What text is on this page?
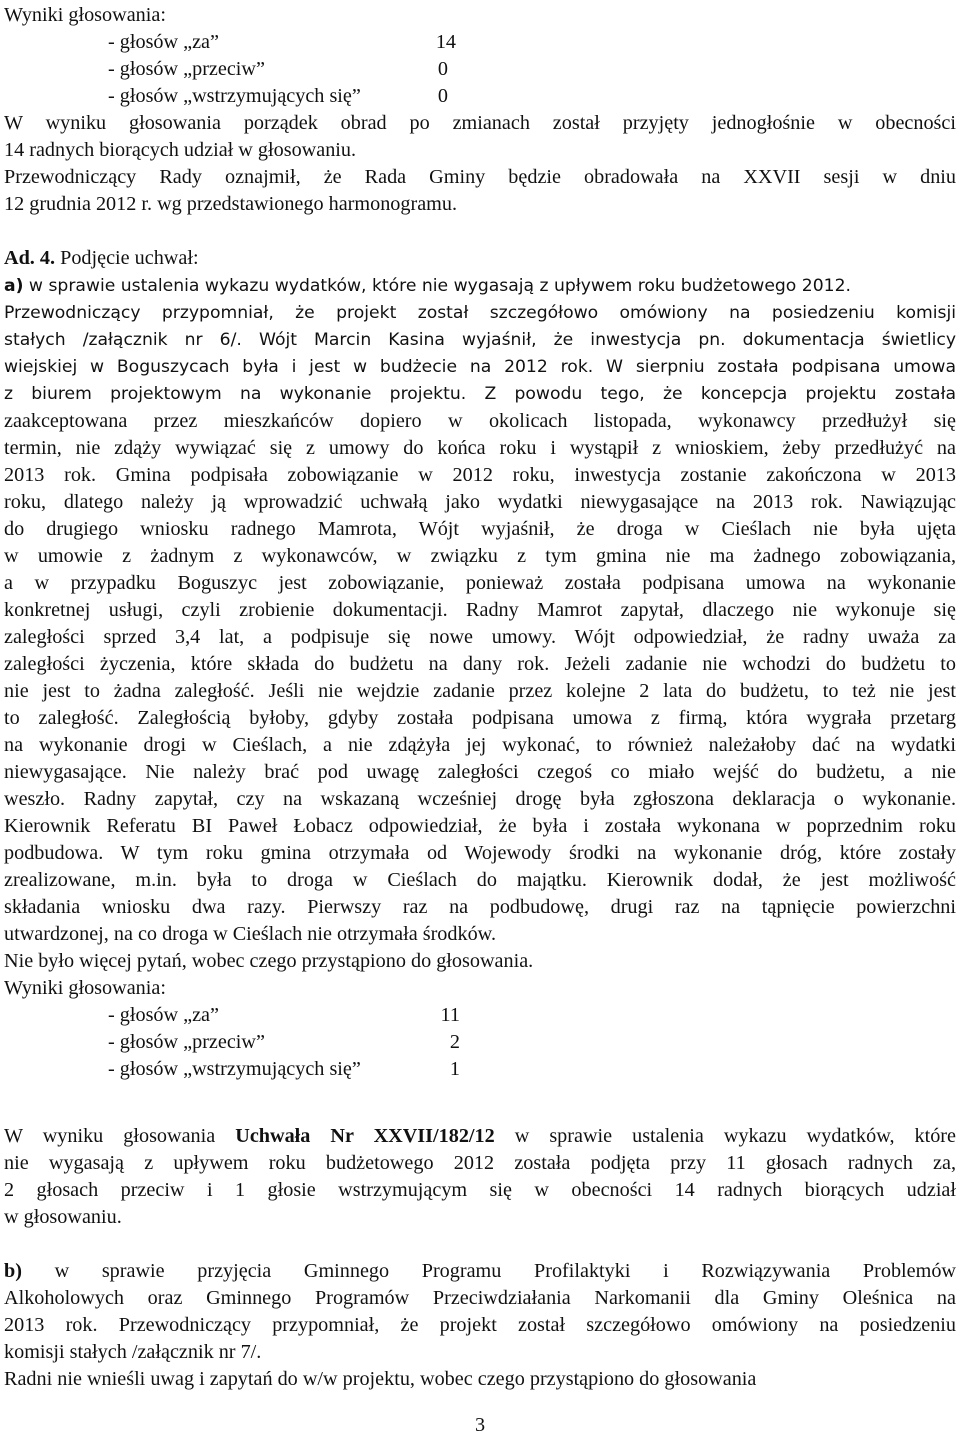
Wyniki głosowania:
- głosów „za”	14
- głosów „przeciw”	0
- głosów „wstrzymujących się”	0
W wyniku głosowania porządek obrad po zmianach został przyjęty jednogłośnie w obecności
14 radnych biorących udział w głosowaniu.
Przewodniczący Rady oznajmił, że Rada Gminy będzie obradowała na XXVII sesji w dniu
12 grudnia 2012 r. wg przedstawionego harmonogramu.
Ad. 4. Podjęcie uchwał:
a) w sprawie ustalenia wykazu wydatków, które nie wygasają z upływem roku budżetowego 2012.
Przewodniczący przypomniał, że projekt został szczegółowo omówiony na posiedzeniu komisji
stałych /załącznik nr 6/. Wójt Marcin Kasina wyjaśnił, że inwestycja pn. dokumentacja świetlicy
wiejskiej w Boguszycach była i jest w budżecie na 2012 rok. W sierpniu została podpisana umowa
z biurem projektowym na wykonanie projektu. Z powodu tego, że koncepcja projektu została
zaakceptowana przez mieszkańców dopiero w okolicach listopada, wykonawcy przedłużył się
termin, nie zdąży wywiązać się z umowy do końca roku i wystąpił z wnioskiem, żeby przedłużyć na
2013 rok. Gmina podpisała zobowiązanie w 2012 roku, inwestycja zostanie zakończona w 2013
roku, dlatego należy ją wprowadzić uchwałą jako wydatki niewygasające na 2013 rok. Nawiązując
do drugiego wniosku radnego Mamrota, Wójt wyjaśnił, że droga w Cieślach nie była ujęta
w umowie z żadnym z wykonawców, w związku z tym gmina nie ma żadnego zobowiązania,
a w przypadku Boguszyc jest zobowiązanie, ponieważ została podpisana umowa na wykonanie
konkretnej usługi, czyli zrobienie dokumentacji. Radny Mamrot zapytał, dlaczego nie wykonuje się
zaległości sprzed 3,4 lat, a podpisuje się nowe umowy. Wójt odpowiedział, że radny uważa za
zaległości życzenia, które składa do budżetu na dany rok. Jeżeli zadanie nie wchodzi do budżetu to
nie jest to żadna zaległość. Jeśli nie wejdzie zadanie przez kolejne 2 lata do budżetu, to też nie jest
to zaległość. Zaległością byłoby, gdyby została podpisana umowa z firmą, która wygrała przetarg
na wykonanie drogi w Cieślach, a nie zdążyła jej wykonać, to również należałoby dać na wydatki
niewygasające. Nie należy brać pod uwagę zaległości czegoś co miało wejść do budżetu, a nie
weszło. Radny zapytał, czy na wskazaną wcześniej drogę była zgłoszona deklaracja o wykonanie.
Kierownik Referatu BI Paweł Łobacz odpowiedział, że była i została wykonana w poprzednim roku
podbudowa. W tym roku gmina otrzymała od Wojewody środki na wykonanie dróg, które zostały
zrealizowane, m.in. była to droga w Cieślach do majątku. Kierownik dodał, że jest możliwość
składania wniosku dwa razy. Pierwszy raz na podbudowę, drugi raz na tąpnięcie powierzchni
utwardzonej, na co droga w Cieślach nie otrzymała środków.
Nie było więcej pytań, wobec czego przystąpiono do głosowania.
Wyniki głosowania:
- głosów „za”	11
- głosów „przeciw”	2
- głosów „wstrzymujących się”	1
W wyniku głosowania Uchwała Nr XXVII/182/12 w sprawie ustalenia wykazu wydatków, które
nie wygasają z upływem roku budżetowego 2012 została podjęta przy 11 głosach radnych za,
2 głosach przeciw i 1 głosie wstrzymującym się w obecności 14 radnych biorących udział
w głosowaniu.
b) w sprawie przyjęcia Gminnego Programu Profilaktyki i Rozwiązywania Problemów
Alkoholowych oraz Gminnego Programów Przeciwdziałania Narkomanii dla Gminy Oleśnica na
2013 rok. Przewodniczący przypomniał, że projekt został szczegółowo omówiony na posiedzeniu
komisji stałych /załącznik nr 7/.
Radni nie wnieśli uwag i zapytań do w/w projektu, wobec czego przystąpiono do głosowania
3
